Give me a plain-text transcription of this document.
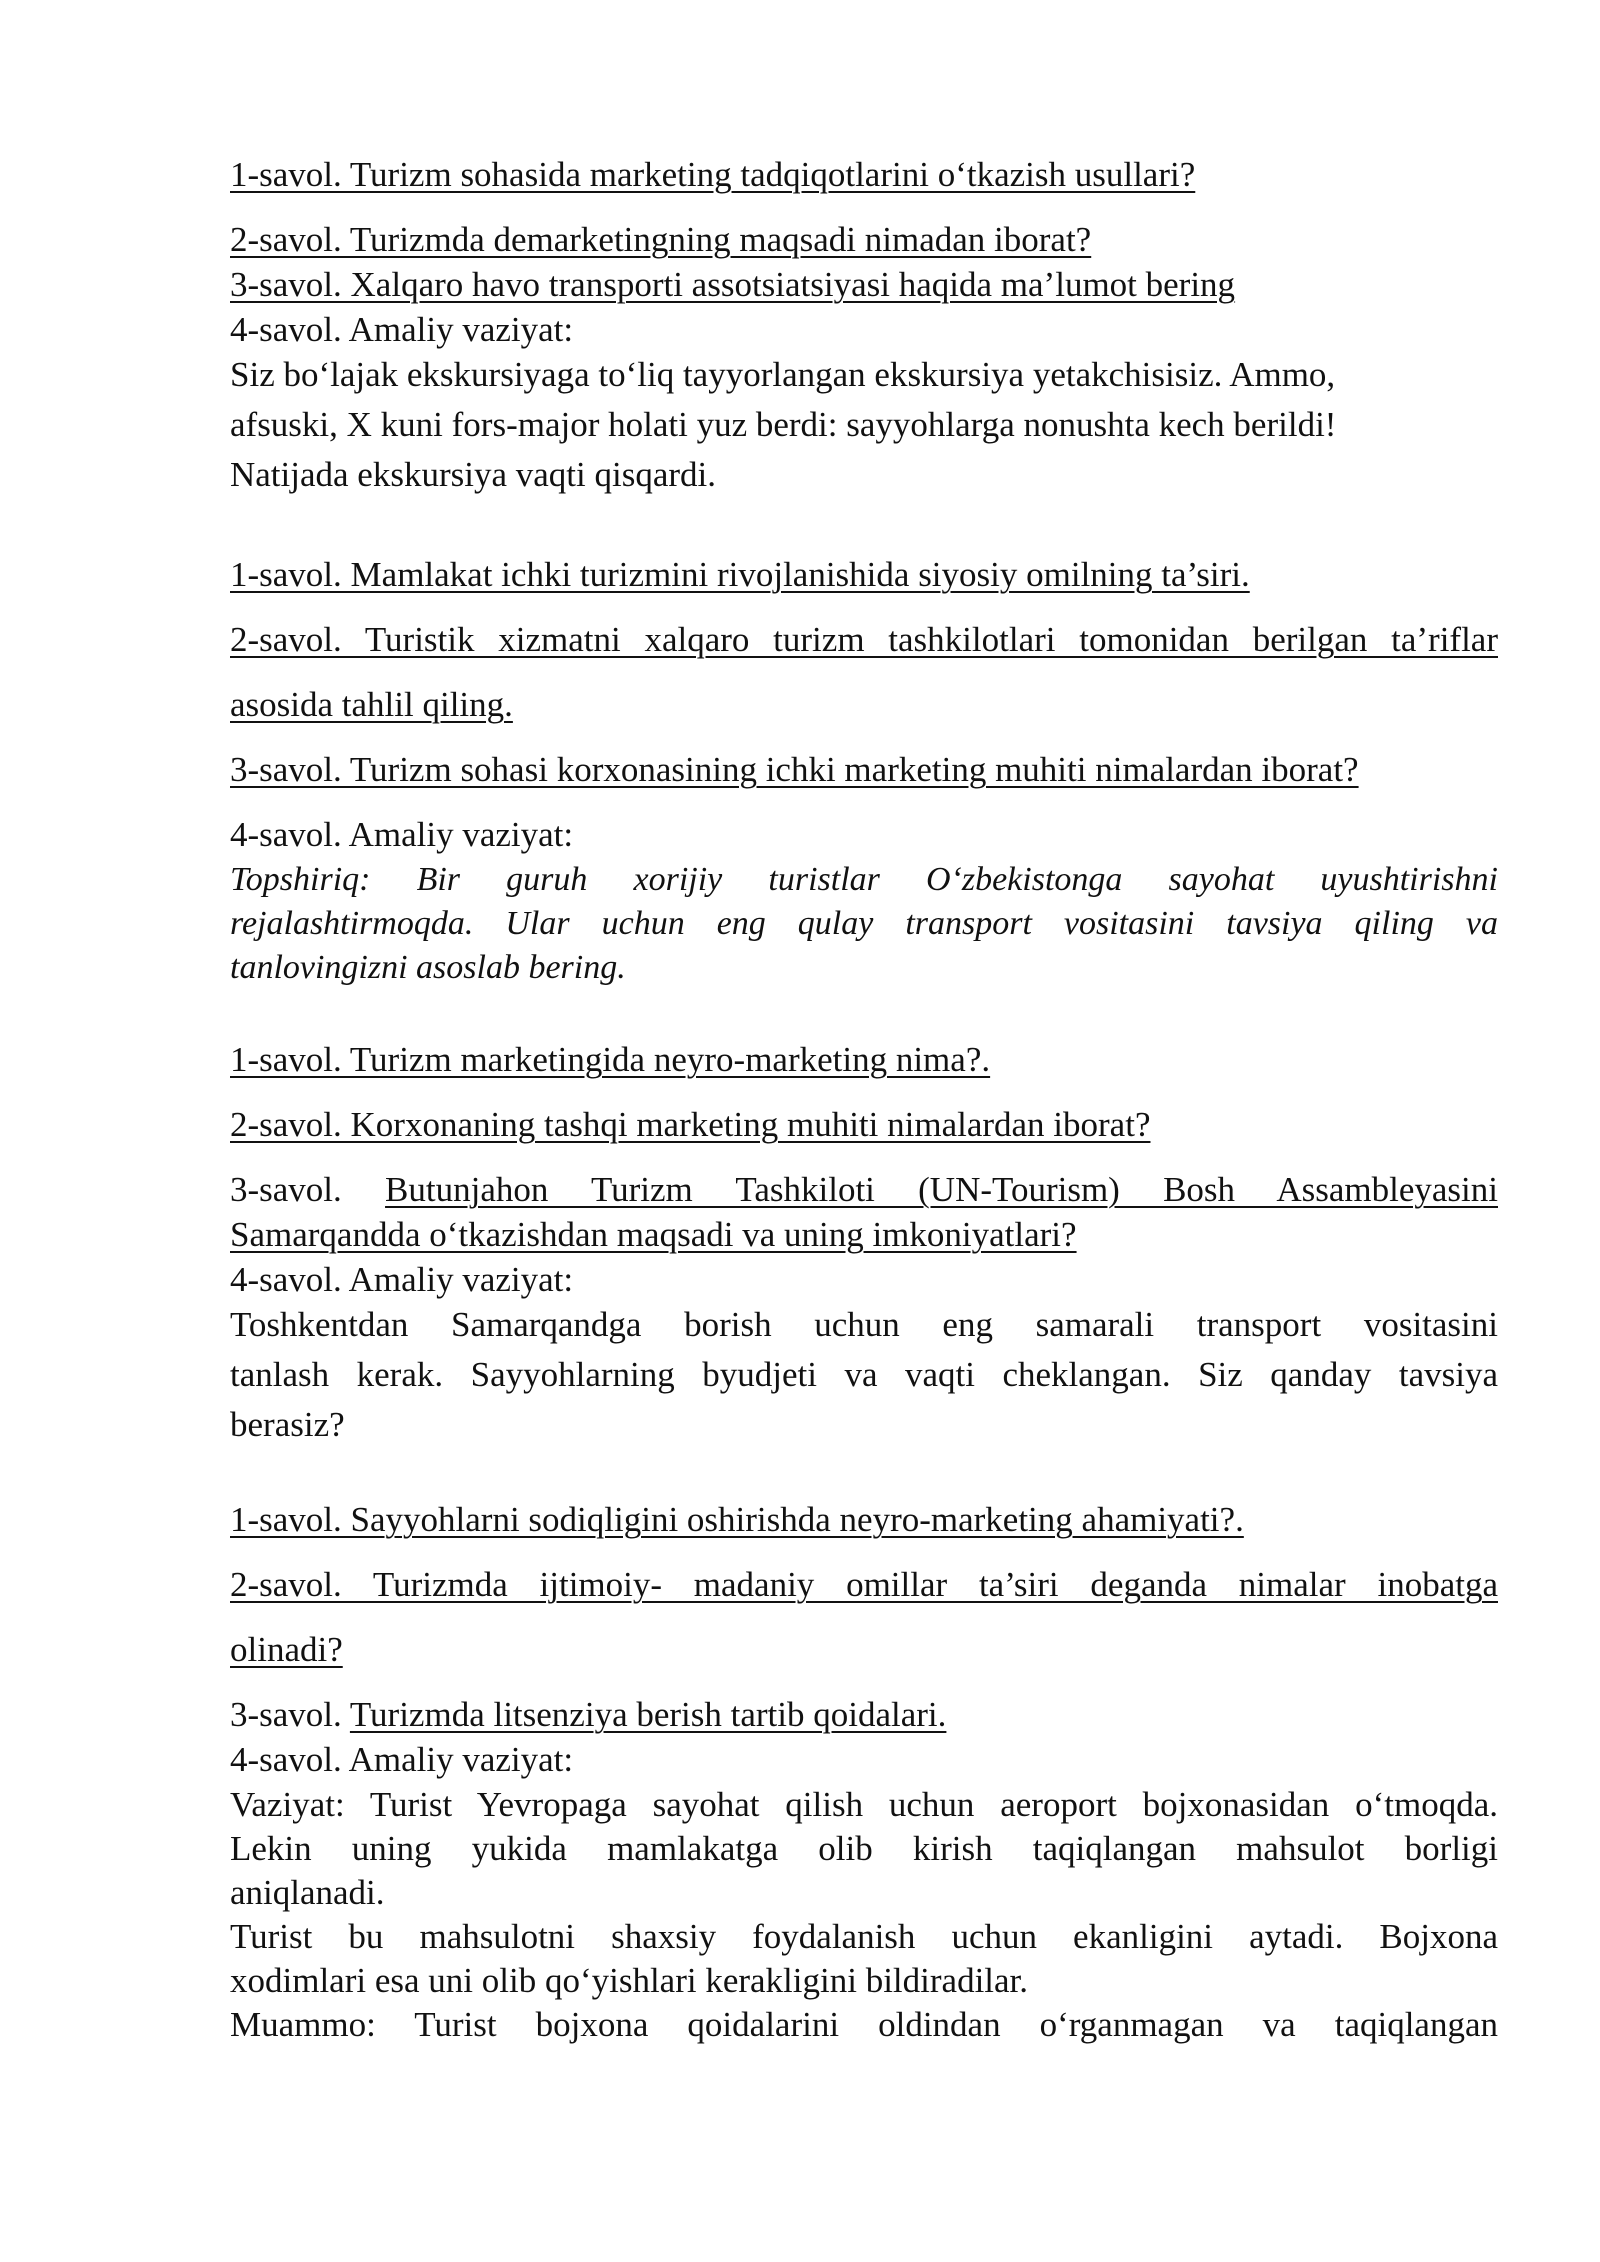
1-savol. Turizm sohasida marketing tadqiqotlarini o‘tkazish usullari?

2-savol. Turizmda demarketingning maqsadi nimadan iborat?

3-savol. Xalqaro havo transporti assotsiatsiyasi haqida ma’lumot bering

4-savol. Amaliy vaziyat:

Siz bo‘lajak ekskursiyaga to‘liq tayyorlangan ekskursiya yetakchisisiz. Ammo,

afsuski, X kuni fors-major holati yuz berdi: sayyohlarga nonushta kech berildi!

Natijada ekskursiya vaqti qisqardi.

1-savol. Mamlakat ichki turizmini rivojlanishida siyosiy omilning ta’siri.

2-savol. Turistik xizmatni xalqaro turizm tashkilotlari tomonidan berilgan ta’riflar

asosida tahlil qiling.

3-savol. Turizm sohasi korxonasining ichki marketing muhiti nimalardan iborat?

4-savol. Amaliy vaziyat:

Topshiriq: Bir guruh xorijiy turistlar O‘zbekistonga sayohat uyushtirishni

rejalashtirmoqda. Ular uchun eng qulay transport vositasini tavsiya qiling va

tanlovingizni asoslab bering.

1-savol. Turizm marketingida neyro-marketing nima?.

2-savol. Korxonaning tashqi marketing muhiti nimalardan iborat?

3-savol. Butunjahon Turizm Tashkiloti (UN-Tourism) Bosh Assambleyasini

Samarqandda o‘tkazishdan maqsadi va uning imkoniyatlari?

4-savol. Amaliy vaziyat:

Toshkentdan Samarqandga borish uchun eng samarali transport vositasini

tanlash kerak. Sayyohlarning byudjeti va vaqti cheklangan. Siz qanday tavsiya

berasiz?

1-savol. Sayyohlarni sodiqligini oshirishda neyro-marketing ahamiyati?.

2-savol. Turizmda ijtimoiy- madaniy omillar ta’siri deganda nimalar inobatga

olinadi?

3-savol. Turizmda litsenziya berish tartib qoidalari.

4-savol. Amaliy vaziyat:

Vaziyat: Turist Yevropaga sayohat qilish uchun aeroport bojxonasidan o‘tmoqda.

Lekin uning yukida mamlakatga olib kirish taqiqlangan mahsulot borligi

aniqlanadi.

Turist bu mahsulotni shaxsiy foydalanish uchun ekanligini aytadi. Bojxona

xodimlari esa uni olib qo‘yishlari kerakligini bildiradilar.

Muammo: Turist bojxona qoidalarini oldindan o‘rganmagan va taqiqlangan
